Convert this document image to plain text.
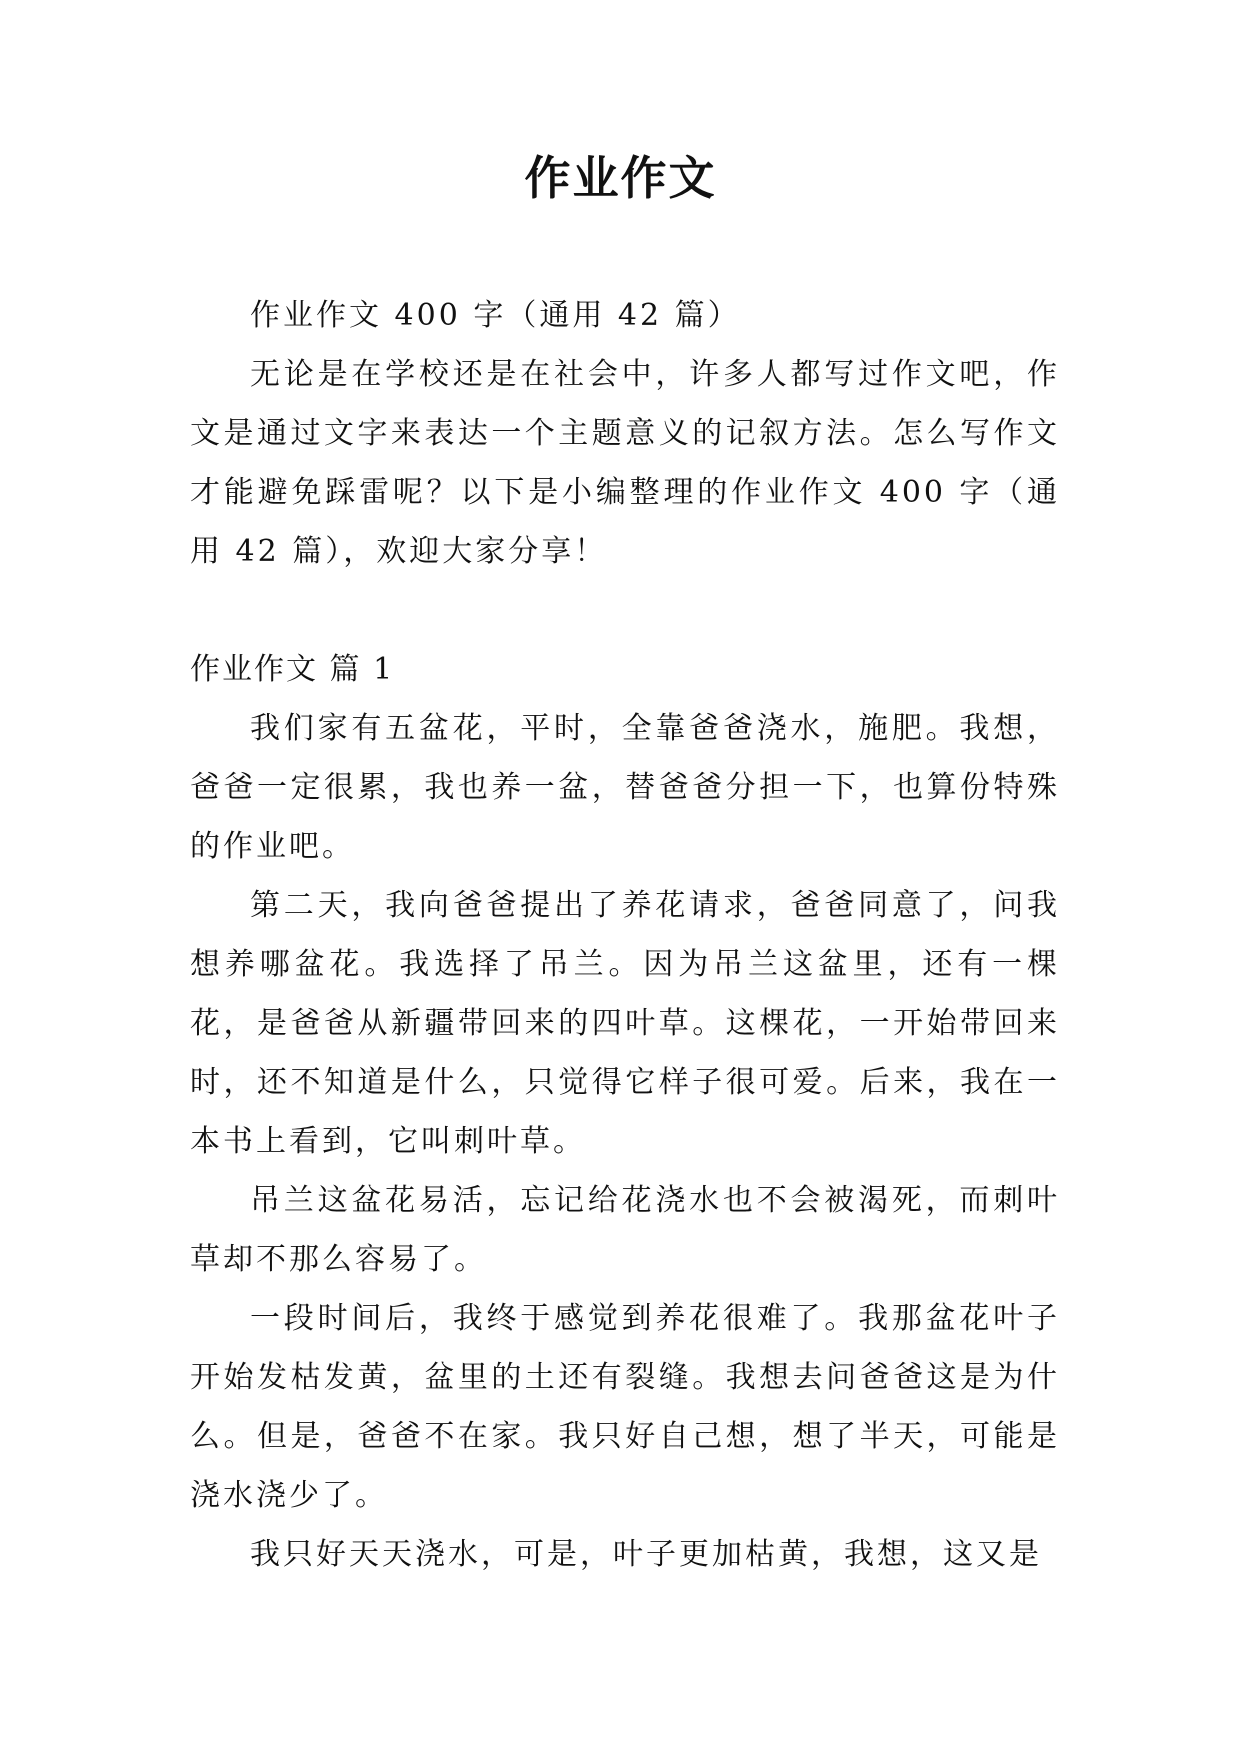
作业作文

作业作文 400 字（通用 42 篇）

无论是在学校还是在社会中，许多人都写过作文吧，作文是通过文字来表达一个主题意义的记叙方法。怎么写作文才能避免踩雷呢？以下是小编整理的作业作文 400 字（通用 42 篇），欢迎大家分享！

作业作文 篇 1

我们家有五盆花，平时，全靠爸爸浇水，施肥。我想，爸爸一定很累，我也养一盆，替爸爸分担一下，也算份特殊的作业吧。

第二天，我向爸爸提出了养花请求，爸爸同意了，问我想养哪盆花。我选择了吊兰。因为吊兰这盆里，还有一棵花，是爸爸从新疆带回来的四叶草。这棵花，一开始带回来时，还不知道是什么，只觉得它样子很可爱。后来，我在一本书上看到，它叫刺叶草。

吊兰这盆花易活，忘记给花浇水也不会被渴死，而刺叶草却不那么容易了。

一段时间后，我终于感觉到养花很难了。我那盆花叶子开始发枯发黄，盆里的土还有裂缝。我想去问爸爸这是为什么。但是，爸爸不在家。我只好自己想，想了半天，可能是浇水浇少了。

我只好天天浇水，可是，叶子更加枯黄，我想，这又是
